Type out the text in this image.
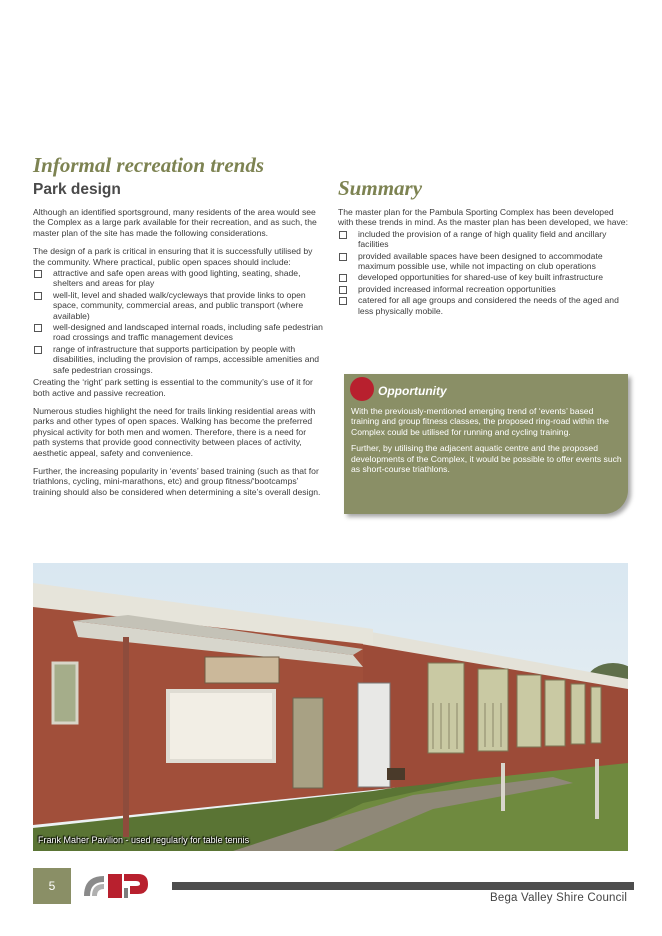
Informal recreation trends
Park design

Although an identified sportsground, many residents of the area would see the Complex as a large park available for their recreation, and as such, the master plan of the site has made the following considerations.

The design of a park is critical in ensuring that it is successfully utilised by the community. Where practical, public open spaces should include:

attractive and safe open areas with good lighting, seating, shade, shelters and areas for play
well-lit, level and shaded walk/cycleways that provide links to open space, community, commercial areas, and public transport (where available)
well-designed and landscaped internal roads, including safe pedestrian road crossings and traffic management devices
range of infrastructure that supports participation by people with disabilities, including the provision of ramps, accessible amenities and safe pedestrian crossings.

Creating the ‘right’ park setting is essential to the community’s use of it for both active and passive recreation.

Numerous studies highlight the need for trails linking residential areas with parks and other types of open spaces. Walking has become the preferred physical activity for both men and women. Therefore, there is a need for path systems that provide good connectivity between places of activity, aesthetic appeal, safety and convenience.

Further, the increasing popularity in ‘events’ based training (such as that for triathlons, cycling, mini-marathons, etc) and group fitness/‘bootcamps’ training should also be considered when determining a site’s overall design.

Summary

The master plan for the Pambula Sporting Complex has been developed with these trends in mind. As the master plan has been developed, we have:

included the provision of a range of high quality field and ancillary facilities
provided available spaces have been designed to accommodate maximum possible use, while not impacting on club operations
developed opportunities for shared-use of key built infrastructure
provided increased informal recreation opportunities
catered for all age groups and considered the needs of the aged and less physically mobile.
Opportunity

With the previously-mentioned emerging trend of ‘events’ based training and group fitness classes, the proposed ring-road within the Complex could be utilised for running and cycling training.

Further, by utilising the adjacent aquatic centre and the proposed developments of the Complex, it would be possible to offer events such as short-course triathlons.

Frank Maher Pavilion - used regularly for table tennis
5
Bega Valley Shire Council
